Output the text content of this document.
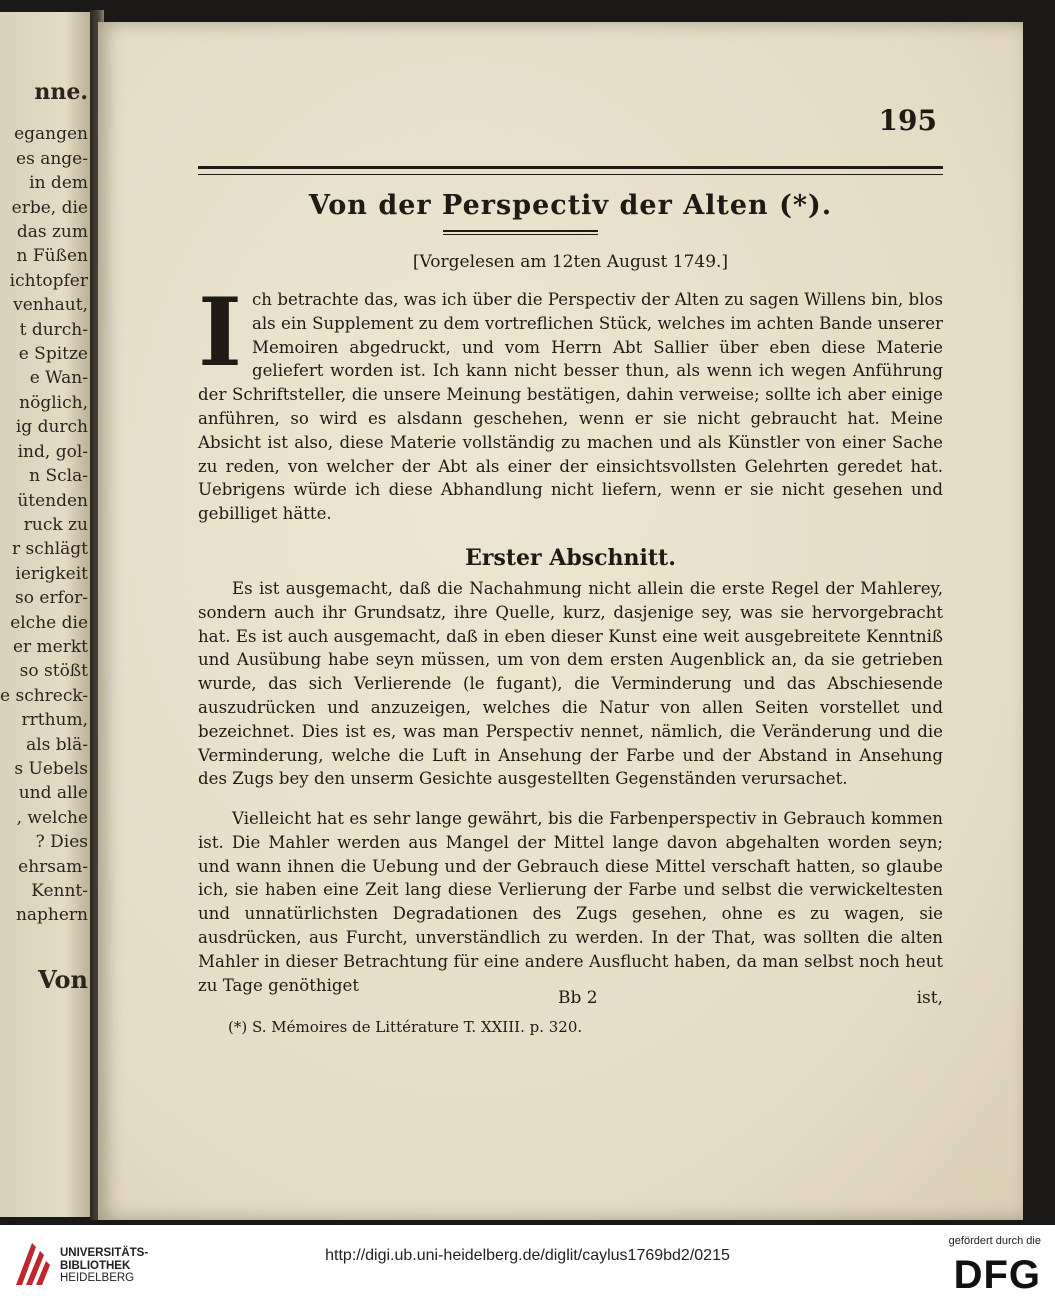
nne.
egangen
es ange-
in dem
erbe, die
das zum
n Füßen
ichtopfer
venhaut,
t durch-
e Spitze
e Wan-
nöglich,
ig durch
ind, gol-
n Scla-
ütenden
ruck zu
r schlägt
ierigkeit
so erfor-
elche die
er merkt
so stößt
e schreck-
rrthum,
als blä-
s Uebels
und alle
, welche
? Dies
ehrsam-
Kennt-
naphern
Von
195
Von der Perspectiv der Alten (*).
[Vorgelesen am 12ten August 1749.]
Ich betrachte das, was ich über die Perspectiv der Alten zu sagen Willens bin, blos als ein Supplement zu dem vortreflichen Stück, welches im achten Bande unserer Memoiren abgedruckt, und vom Herrn Abt Sallier über eben diese Materie geliefert worden ist. Ich kann nicht besser thun, als wenn ich wegen Anführung der Schriftsteller, die unsere Meinung bestätigen, dahin verweise; sollte ich aber einige anführen, so wird es alsdann geschehen, wenn er sie nicht gebraucht hat. Meine Absicht ist also, diese Materie vollständig zu machen und als Künstler von einer Sache zu reden, von welcher der Abt als einer der einsichtsvollsten Gelehrten geredet hat. Uebrigens würde ich diese Abhandlung nicht liefern, wenn er sie nicht gesehen und gebilliget hätte.
Erster Abschnitt.
Es ist ausgemacht, daß die Nachahmung nicht allein die erste Regel der Mahlerey, sondern auch ihr Grundsatz, ihre Quelle, kurz, dasjenige sey, was sie hervorgebracht hat. Es ist auch ausgemacht, daß in eben dieser Kunst eine weit ausgebreitete Kenntniß und Ausübung habe seyn müssen, um von dem ersten Augenblick an, da sie getrieben wurde, das sich Verlierende (le fugant), die Verminderung und das Abschiesende auszudrücken und anzuzeigen, welches die Natur von allen Seiten vorstellet und bezeichnet. Dies ist es, was man Perspectiv nennet, nämlich, die Veränderung und die Verminderung, welche die Luft in Ansehung der Farbe und der Abstand in Ansehung des Zugs bey den unserm Gesichte ausgestellten Gegenständen verursachet.
Vielleicht hat es sehr lange gewährt, bis die Farbenperspectiv in Gebrauch kommen ist. Die Mahler werden aus Mangel der Mittel lange davon abgehalten worden seyn; und wann ihnen die Uebung und der Gebrauch diese Mittel verschaft hatten, so glaube ich, sie haben eine Zeit lang diese Verlierung der Farbe und selbst die verwickeltesten und unnatürlichsten Degradationen des Zugs gesehen, ohne es zu wagen, sie ausdrücken, aus Furcht, unverständlich zu werden. In der That, was sollten die alten Mahler in dieser Betrachtung für eine andere Ausflucht haben, da man selbst noch heut zu Tage genöthiget
Bb 2	ist,
(*) S. Mémoires de Littérature T. XXIII. p. 320.
UNIVERSITÄTS-
BIBLIOTHEK
HEIDELBERG
http://digi.ub.uni-heidelberg.de/diglit/caylus1769bd2/0215
gefördert durch die
DFG
